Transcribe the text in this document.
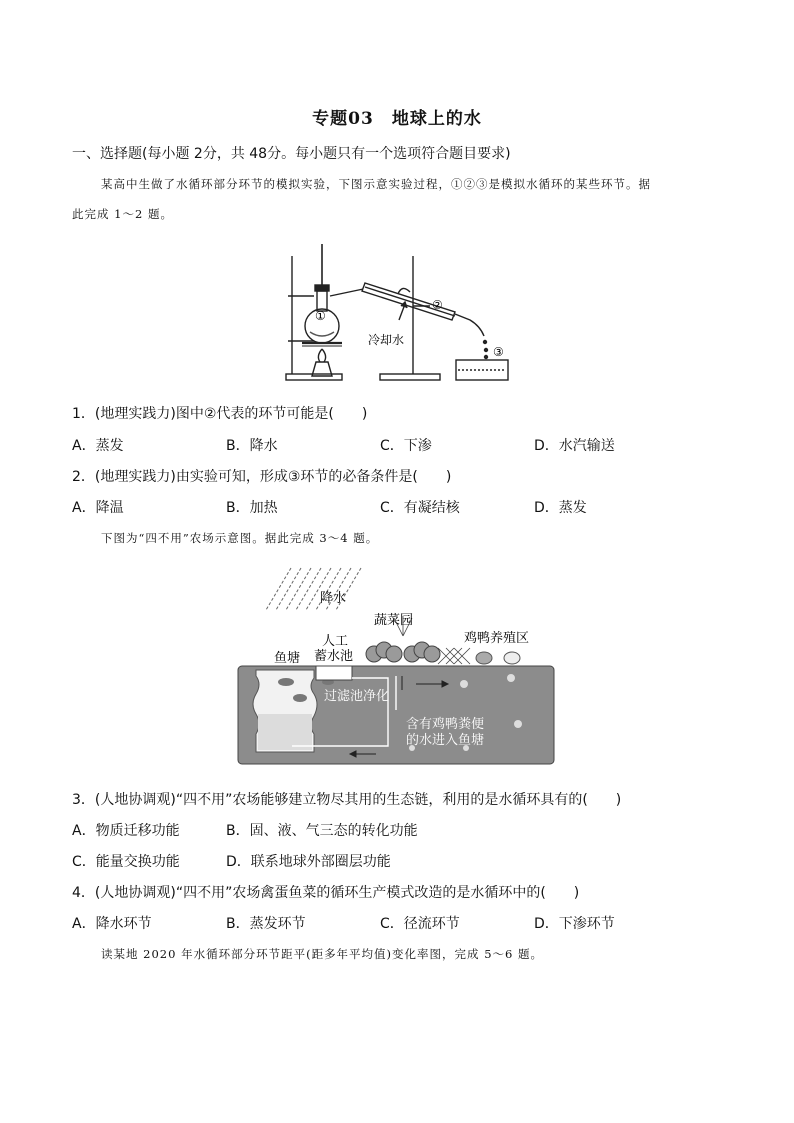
专题03　地球上的水
一、选择题(每小题 2分，共 48分。每小题只有一个选项符合题目要求)
某高中生做了水循环部分环节的模拟实验，下图示意实验过程，①②③是模拟水循环的某些环节。据
此完成 1～2 题。
①
②
③
冷却水
1．(地理实践力)图中②代表的环节可能是(　　)
A．蒸发	B．降水	C．下渗	D．水汽输送
2．(地理实践力)由实验可知，形成③环节的必备条件是(　　)
A．降温	B．加热	C．有凝结核	D．蒸发
下图为“四不用”农场示意图。据此完成 3～4 题。
降水
蔬菜园
人工
蓄水池
鱼塘
鸡鸭养殖区
过滤池净化
含有鸡鸭粪便
的水进入鱼塘
3．(人地协调观)“四不用”农场能够建立物尽其用的生态链，利用的是水循环具有的(　　)
A．物质迁移功能	B．固、液、气三态的转化功能
C．能量交换功能	D．联系地球外部圈层功能
4．(人地协调观)“四不用”农场禽蛋鱼菜的循环生产模式改造的是水循环中的(　　)
A．降水环节	B．蒸发环节	C．径流环节	D．下渗环节
读某地 2020 年水循环部分环节距平(距多年平均值)变化率图，完成 5～6 题。
